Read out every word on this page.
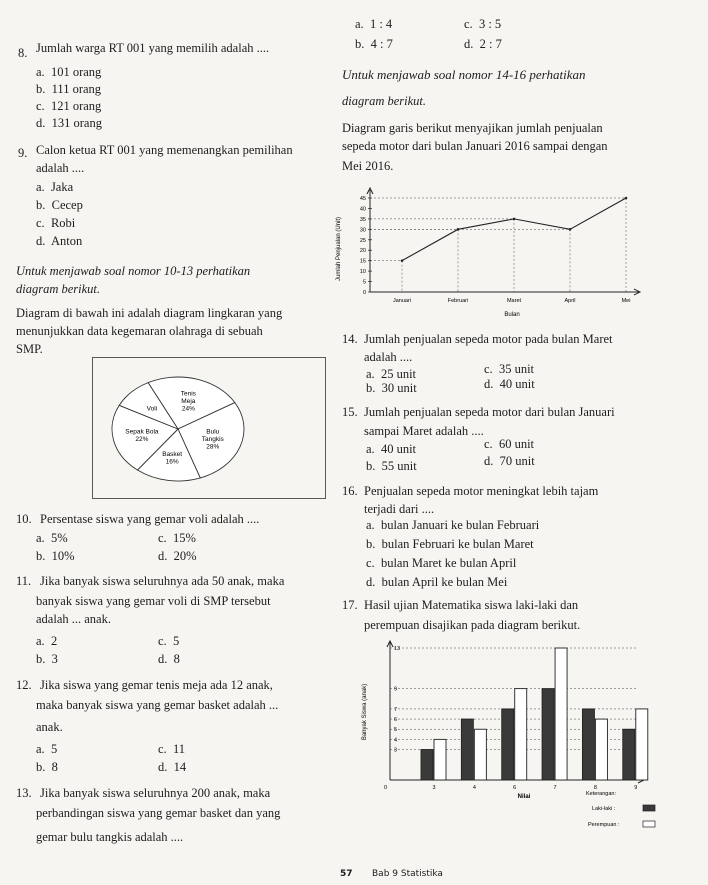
8. Jumlah warga RT 001 yang memilih adalah ....
a. 101 orang
b. 111 orang
c. 121 orang
d. 131 orang
9. Calon ketua RT 001 yang memenangkan pemilihan
adalah ....
a. Jaka
b. Cecep
c. Robi
d. Anton
Untuk menjawab soal nomor 10-13 perhatikan
diagram berikut.
Diagram di bawah ini adalah diagram lingkaran yang
menunjukkan data kegemaran olahraga di sebuah
SMP.
Tenis
Meja
24%
Bulu
Tangkis
28%
Basket
16%
Sepak Bola
22%
Voli
10. Persentase siswa yang gemar voli adalah ....
a. 5%	c. 15%
b. 10%	d. 20%
11. Jika banyak siswa seluruhnya ada 50 anak, maka
banyak siswa yang gemar voli di SMP tersebut
adalah ... anak.
a. 2	c. 5
b. 3	d. 8
12. Jika siswa yang gemar tenis meja ada 12 anak,
maka banyak siswa yang gemar basket adalah ...
anak.
a. 5	c. 11
b. 8	d. 14
13. Jika banyak siswa seluruhnya 200 anak, maka
perbandingan siswa yang gemar basket dan yang
gemar bulu tangkis adalah ....
a. 1 : 4
b. 4 : 7
c. 3 : 5
d. 2 : 7
Untuk menjawab soal nomor 14-16 perhatikan
diagram berikut.
Diagram garis berikut menyajikan jumlah penjualan
sepeda motor dari bulan Januari 2016 sampai dengan
Mei 2016.
0
5
10
15
20
25
30
35
40
45
Januari	Februari	Maret	April	Mei
Bulan
Jumlah Penjualan (Unit)
14. Jumlah penjualan sepeda motor pada bulan Maret
adalah ....
a. 25 unit	c. 35 unit
b. 30 unit	d. 40 unit
15. Jumlah penjualan sepeda motor dari bulan Januari
sampai Maret adalah ....
a. 40 unit	c. 60 unit
b. 55 unit	d. 70 unit
16. Penjualan sepeda motor meningkat lebih tajam
terjadi dari ....
a. bulan Januari ke bulan Februari
b. bulan Februari ke bulan Maret
c. bulan Maret ke bulan April
d. bulan April ke bulan Mei
17. Hasil ujian Matematika siswa laki-laki dan
perempuan disajikan pada diagram berikut.
3
4
5
6
7
9
13
0	3	4	6	7	8	9
Nilai
Banyak Siswa (anak)
Keterangan:
Laki-laki :
Perempuan :
57 Bab 9 Statistika
